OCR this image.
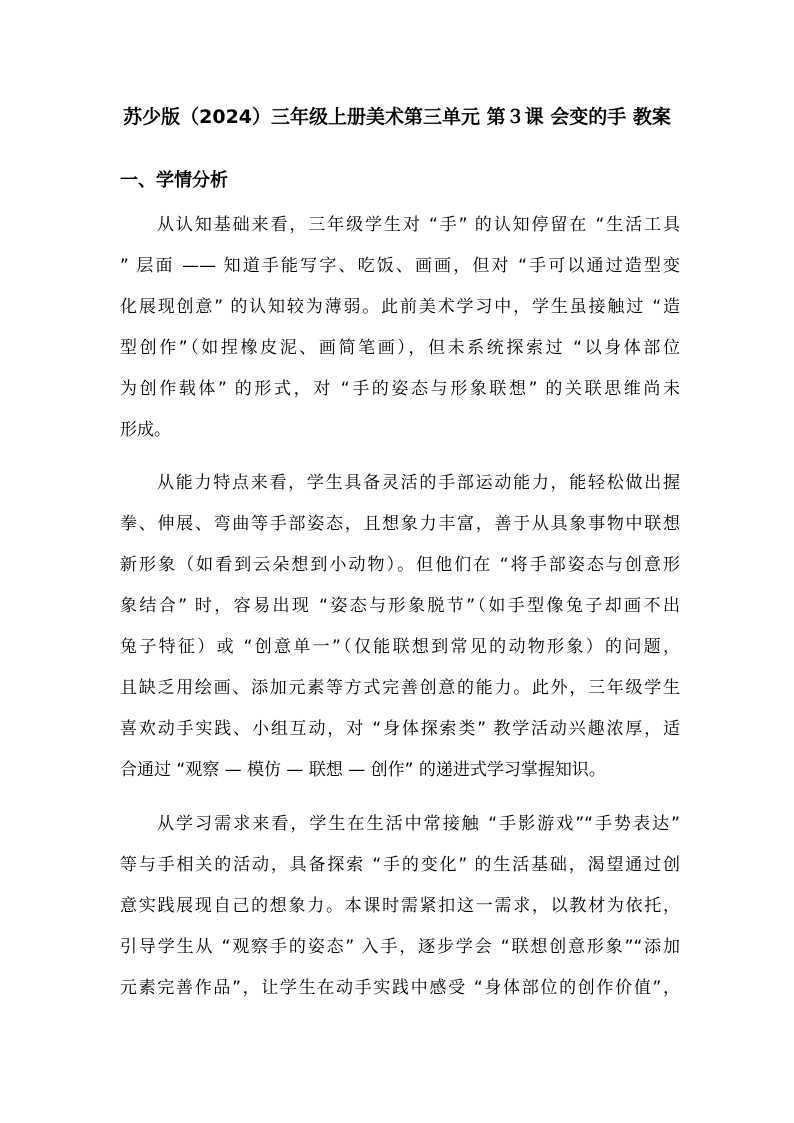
苏少版（2024）三年级上册美术第三单元 第３课 会变的手 教案
一、学情分析
从认知基础来看，三年级学生对 “手” 的认知停留在 “生活工具
” 层面 —— 知道手能写字、吃饭、画画，但对 “手可以通过造型变
化展现创意” 的认知较为薄弱。此前美术学习中，学生虽接触过 “造
型创作”（如捏橡皮泥、画简笔画），但未系统探索过 “以身体部位
为创作载体” 的形式，对 “手的姿态与形象联想” 的关联思维尚未
形成。
从能力特点来看，学生具备灵活的手部运动能力，能轻松做出握
拳、伸展、弯曲等手部姿态，且想象力丰富，善于从具象事物中联想
新形象（如看到云朵想到小动物）。但他们在 “将手部姿态与创意形
象结合” 时，容易出现 “姿态与形象脱节”（如手型像兔子却画不出
兔子特征）或 “创意单一”（仅能联想到常见的动物形象）的问题，
且缺乏用绘画、添加元素等方式完善创意的能力。此外，三年级学生
喜欢动手实践、小组互动，对 “身体探索类” 教学活动兴趣浓厚，适
合通过 “观察 — 模仿 — 联想 — 创作” 的递进式学习掌握知识。
从学习需求来看，学生在生活中常接触 “手影游戏”“手势表达”
等与手相关的活动，具备探索 “手的变化” 的生活基础，渴望通过创
意实践展现自己的想象力。本课时需紧扣这一需求，以教材为依托，
引导学生从 “观察手的姿态” 入手，逐步学会 “联想创意形象”“添加
元素完善作品”，让学生在动手实践中感受 “身体部位的创作价值”，
